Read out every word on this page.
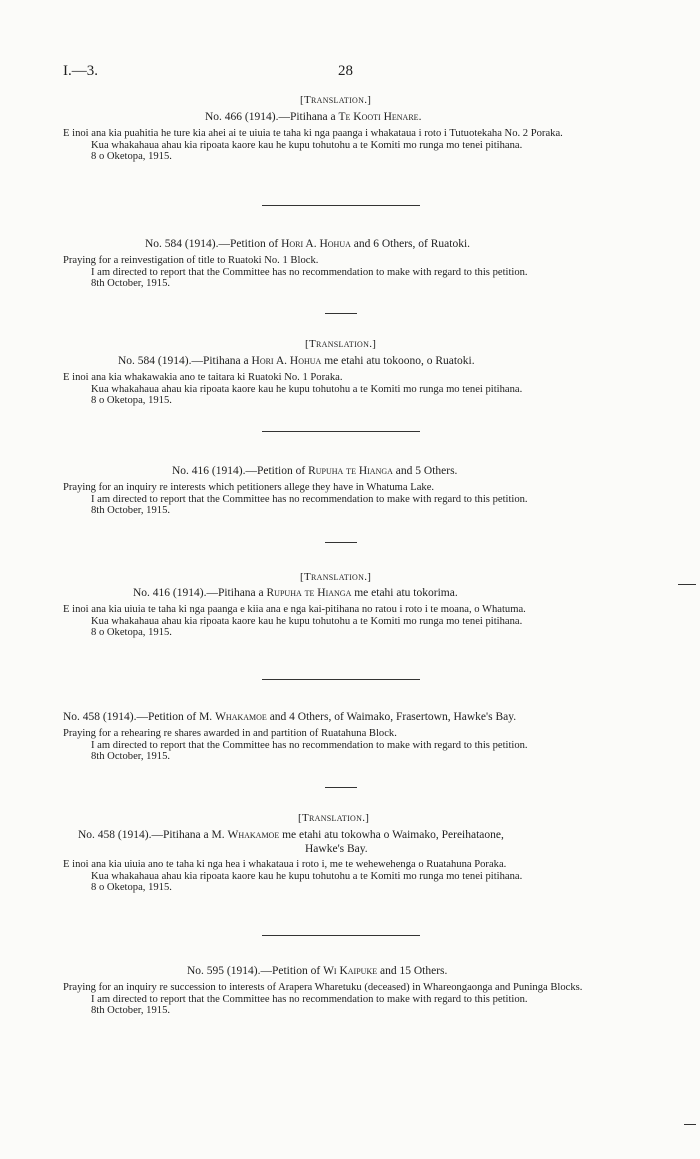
I.—3.	28
[Translation.]
No. 466 (1914).—Pitihana a Te Kooti Henare.

E inoi ana kia puahitia he ture kia ahei ai te uiuia te taha ki nga paanga i whakataua i roto i Tutuotekaha No. 2 Poraka.

Kua whakahaua ahau kia ripoata kaore kau he kupu tohutohu a te Komiti mo runga mo tenei pitihana.

8 o Oketopa, 1915.

No. 584 (1914).—Petition of Hori A. Hohua and 6 Others, of Ruatoki.

Praying for a reinvestigation of title to Ruatoki No. 1 Block.

I am directed to report that the Committee has no recommendation to make with regard to this petition.

8th October, 1915.

[Translation.]
No. 584 (1914).—Pitihana a Hori A. Hohua me etahi atu tokoono, o Ruatoki.

E inoi ana kia whakawakia ano te taitara ki Ruatoki No. 1 Poraka.

Kua whakahaua ahau kia ripoata kaore kau he kupu tohutohu a te Komiti mo runga mo tenei pitihana.

8 o Oketopa, 1915.

No. 416 (1914).—Petition of Rupuha te Hianga and 5 Others.

Praying for an inquiry re interests which petitioners allege they have in Whatuma Lake.

I am directed to report that the Committee has no recommendation to make with regard to this petition.

8th October, 1915.

[Translation.]
No. 416 (1914).—Pitihana a Rupuha te Hianga me etahi atu tokorima.

E inoi ana kia uiuia te taha ki nga paanga e kiia ana e nga kai-pitihana no ratou i roto i te moana, o Whatuma.

Kua whakahaua ahau kia ripoata kaore kau he kupu tohutohu a te Komiti mo runga mo tenei pitihana.

8 o Oketopa, 1915.

No. 458 (1914).—Petition of M. Whakamoe and 4 Others, of Waimako, Frasertown, Hawke's Bay.

Praying for a rehearing re shares awarded in and partition of Ruatahuna Block.

I am directed to report that the Committee has no recommendation to make with regard to this petition.

8th October, 1915.

[Translation.]
No. 458 (1914).—Pitihana a M. Whakamoe me etahi atu tokowha o Waimako, Pereihataone,
Hawke's Bay.

E inoi ana kia uiuia ano te taha ki nga hea i whakataua i roto i, me te wehewehenga o Ruatahuna Poraka.

Kua whakahaua ahau kia ripoata kaore kau he kupu tohutohu a te Komiti mo runga mo tenei pitihana.

8 o Oketopa, 1915.

No. 595 (1914).—Petition of Wi Kaipuke and 15 Others.

Praying for an inquiry re succession to interests of Arapera Wharetuku (deceased) in Whareongaonga and Puninga Blocks.

I am directed to report that the Committee has no recommendation to make with regard to this petition.

8th October, 1915.
